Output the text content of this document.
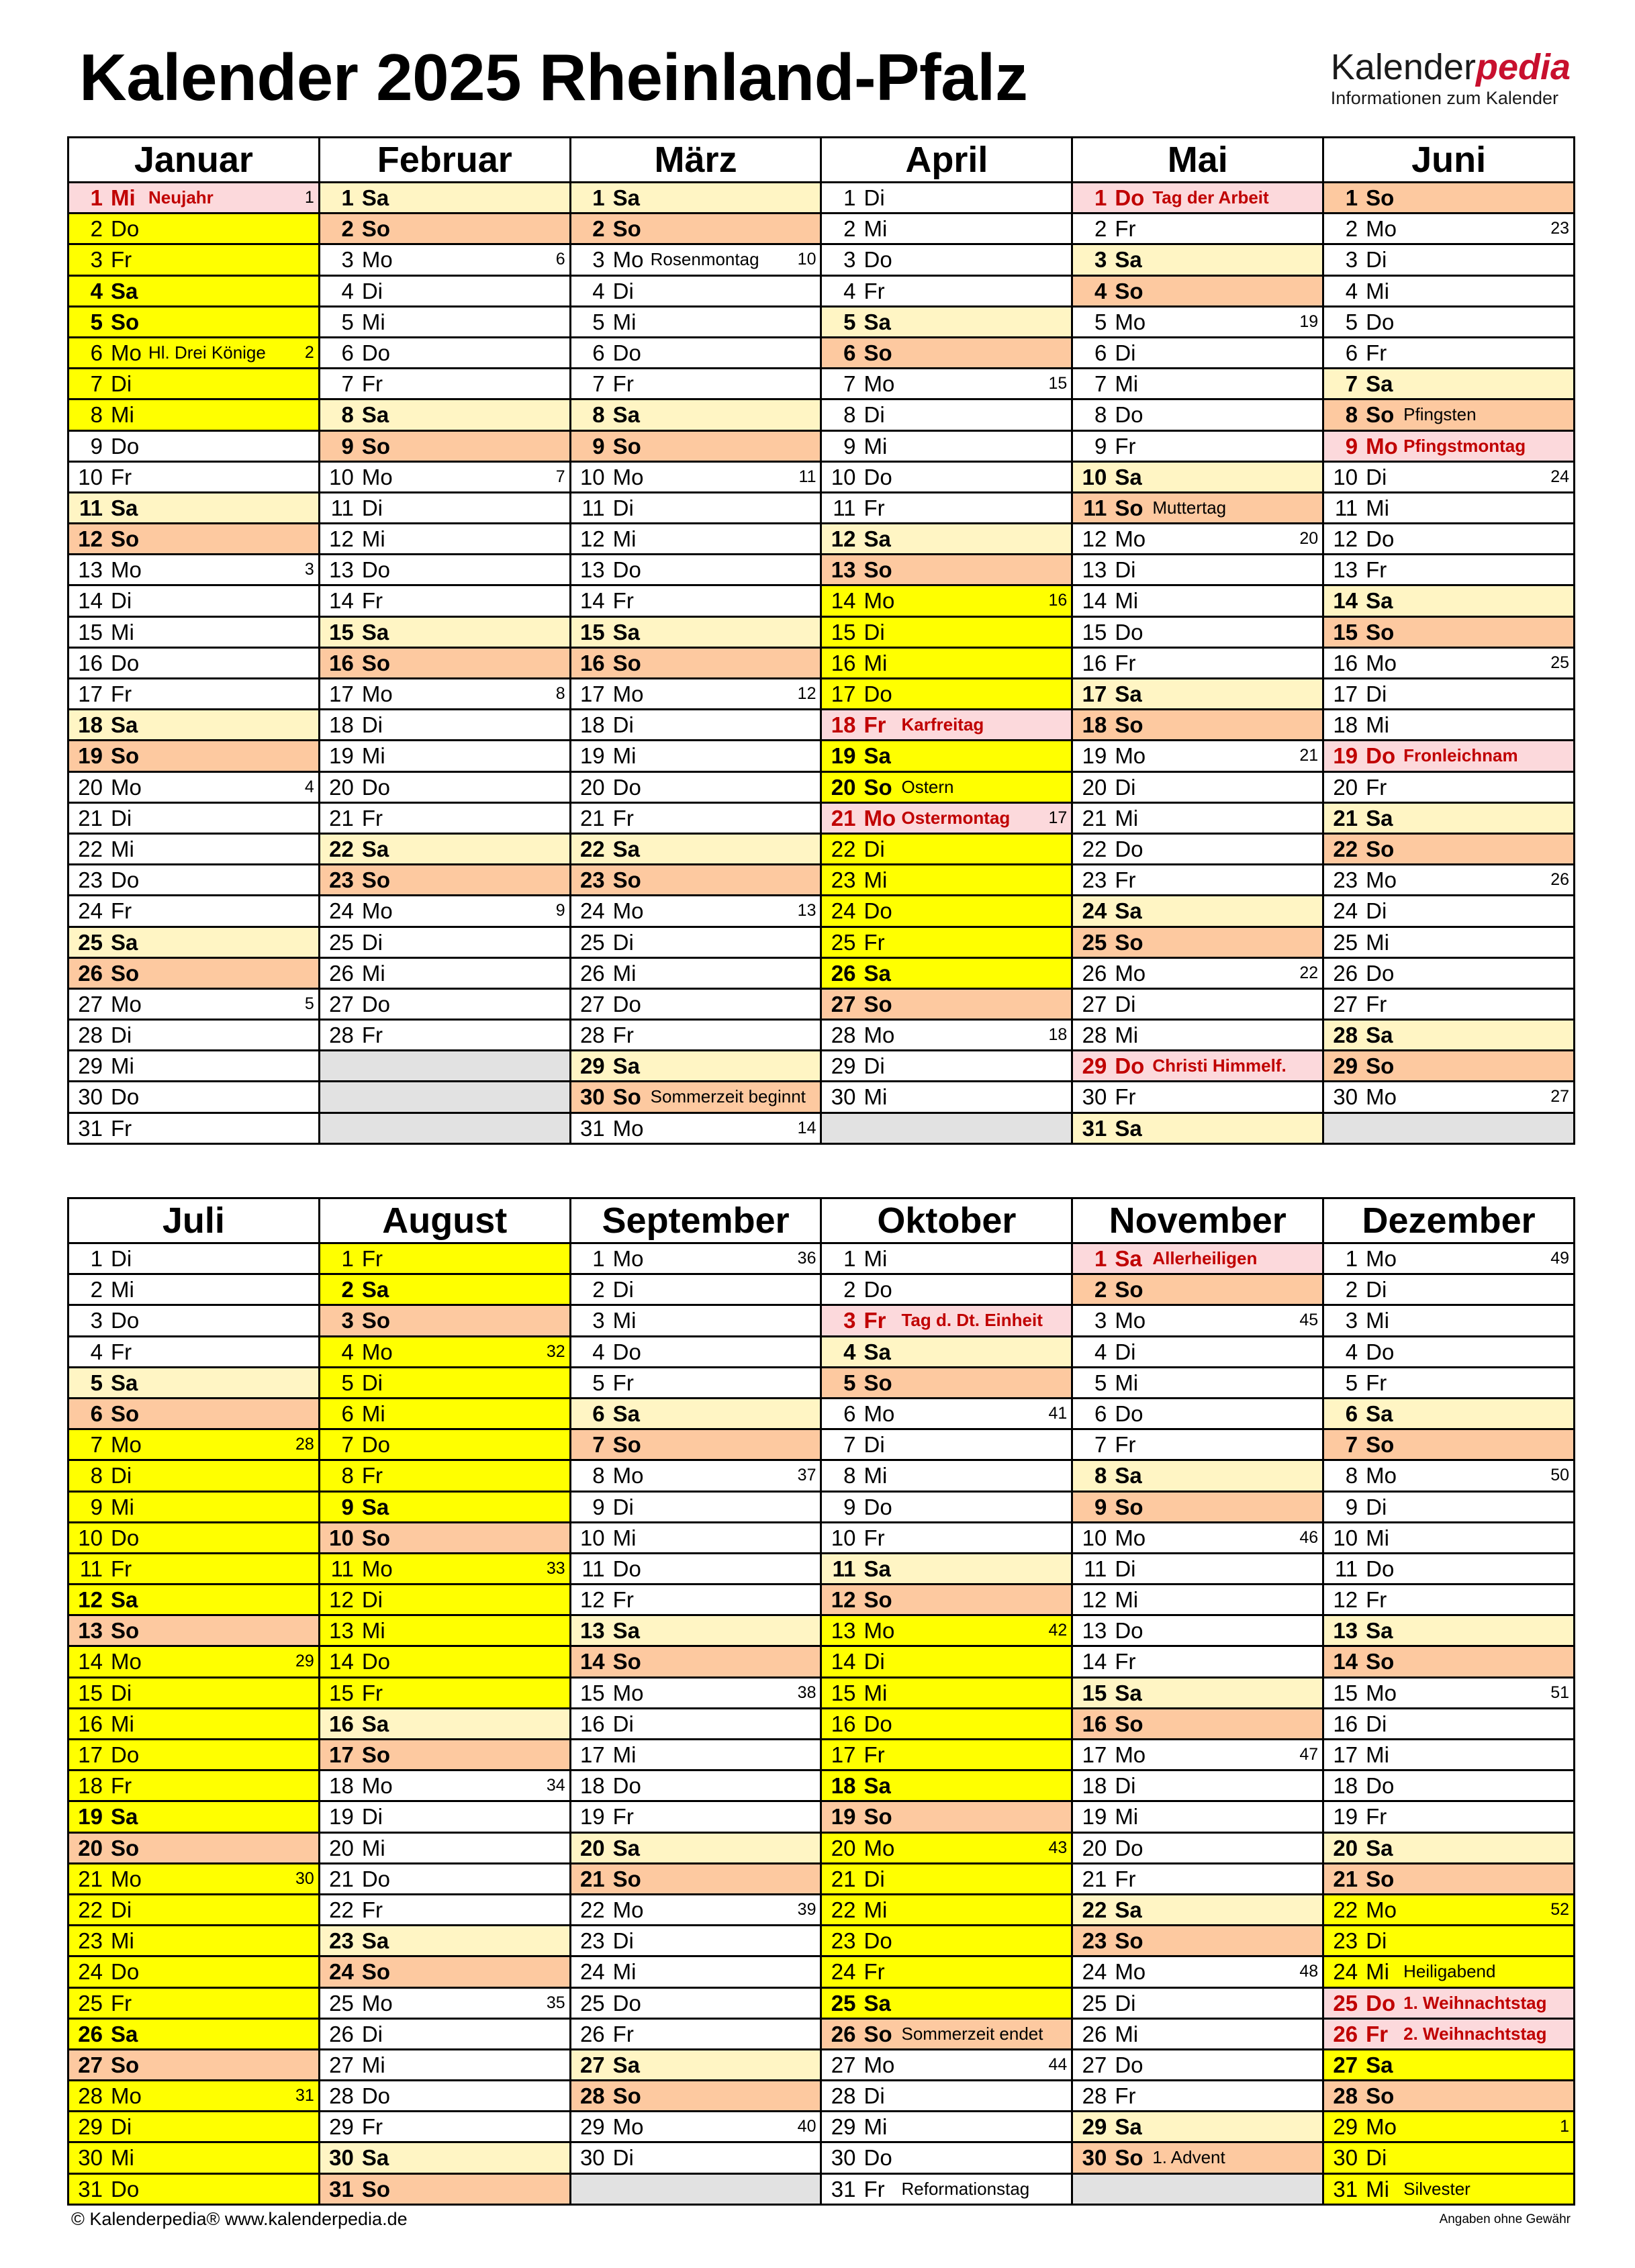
Kalender 2025 Rheinland-Pfalz	Kalenderpedia
Informationen zum Kalender
Januar	Februar	März	April	Mai	Juni

1 Mi Neujahr 1	1 Sa	1 Sa	1 Di	1 Do Tag der Arbeit	1 So

2 Do	2 So	2 So	2 Mi	2 Fr	2 Mo 23

3 Fr	3 Mo 6	3 Mo Rosenmontag 10	3 Do	3 Sa	3 Di

4 Sa	4 Di	4 Di	4 Fr	4 So	4 Mi

5 So	5 Mi	5 Mi	5 Sa	5 Mo 19	5 Do

6 Mo Hl. Drei Könige 2	6 Do	6 Do	6 So	6 Di	6 Fr

7 Di	7 Fr	7 Fr	7 Mo 15	7 Mi	7 Sa

8 Mi	8 Sa	8 Sa	8 Di	8 Do	8 So Pfingsten

9 Do	9 So	9 So	9 Mi	9 Fr	9 Mo Pfingstmontag

10 Fr	10 Mo 7	10 Mo 11	10 Do	10 Sa	10 Di 24

11 Sa	11 Di	11 Di	11 Fr	11 So Muttertag	11 Mi

12 So	12 Mi	12 Mi	12 Sa	12 Mo 20	12 Do

13 Mo 3	13 Do	13 Do	13 So	13 Di	13 Fr

14 Di	14 Fr	14 Fr	14 Mo 16	14 Mi	14 Sa

15 Mi	15 Sa	15 Sa	15 Di	15 Do	15 So

16 Do	16 So	16 So	16 Mi	16 Fr	16 Mo 25

17 Fr	17 Mo 8	17 Mo 12	17 Do	17 Sa	17 Di

18 Sa	18 Di	18 Di	18 Fr Karfreitag	18 So	18 Mi

19 So	19 Mi	19 Mi	19 Sa	19 Mo 21	19 Do Fronleichnam

20 Mo 4	20 Do	20 Do	20 So Ostern	20 Di	20 Fr

21 Di	21 Fr	21 Fr	21 Mo Ostermontag 17	21 Mi	21 Sa

22 Mi	22 Sa	22 Sa	22 Di	22 Do	22 So

23 Do	23 So	23 So	23 Mi	23 Fr	23 Mo 26

24 Fr	24 Mo 9	24 Mo 13	24 Do	24 Sa	24 Di

25 Sa	25 Di	25 Di	25 Fr	25 So	25 Mi

26 So	26 Mi	26 Mi	26 Sa	26 Mo 22	26 Do

27 Mo 5	27 Do	27 Do	27 So	27 Di	27 Fr

28 Di	28 Fr	28 Fr	28 Mo 18	28 Mi	28 Sa

29 Mi		29 Sa	29 Di	29 Do Christi Himmelf.	29 So

30 Do		30 So Sommerzeit beginnt	30 Mi	30 Fr	30 Mo 27

31 Fr		31 Mo 14		31 Sa	

Juli	August	September	Oktober	November	Dezember

1 Di	1 Fr	1 Mo 36	1 Mi	1 Sa Allerheiligen	1 Mo 49

2 Mi	2 Sa	2 Di	2 Do	2 So	2 Di

3 Do	3 So	3 Mi	3 Fr Tag d. Dt. Einheit	3 Mo 45	3 Mi

4 Fr	4 Mo 32	4 Do	4 Sa	4 Di	4 Do

5 Sa	5 Di	5 Fr	5 So	5 Mi	5 Fr

6 So	6 Mi	6 Sa	6 Mo 41	6 Do	6 Sa

7 Mo 28	7 Do	7 So	7 Di	7 Fr	7 So

8 Di	8 Fr	8 Mo 37	8 Mi	8 Sa	8 Mo 50

9 Mi	9 Sa	9 Di	9 Do	9 So	9 Di

10 Do	10 So	10 Mi	10 Fr	10 Mo 46	10 Mi

11 Fr	11 Mo 33	11 Do	11 Sa	11 Di	11 Do

12 Sa	12 Di	12 Fr	12 So	12 Mi	12 Fr

13 So	13 Mi	13 Sa	13 Mo 42	13 Do	13 Sa

14 Mo 29	14 Do	14 So	14 Di	14 Fr	14 So

15 Di	15 Fr	15 Mo 38	15 Mi	15 Sa	15 Mo 51

16 Mi	16 Sa	16 Di	16 Do	16 So	16 Di

17 Do	17 So	17 Mi	17 Fr	17 Mo 47	17 Mi

18 Fr	18 Mo 34	18 Do	18 Sa	18 Di	18 Do

19 Sa	19 Di	19 Fr	19 So	19 Mi	19 Fr

20 So	20 Mi	20 Sa	20 Mo 43	20 Do	20 Sa

21 Mo 30	21 Do	21 So	21 Di	21 Fr	21 So

22 Di	22 Fr	22 Mo 39	22 Mi	22 Sa	22 Mo 52

23 Mi	23 Sa	23 Di	23 Do	23 So	23 Di

24 Do	24 So	24 Mi	24 Fr	24 Mo 48	24 Mi Heiligabend

25 Fr	25 Mo 35	25 Do	25 Sa	25 Di	25 Do 1. Weihnachtstag

26 Sa	26 Di	26 Fr	26 So Sommerzeit endet	26 Mi	26 Fr 2. Weihnachtstag

27 So	27 Mi	27 Sa	27 Mo 44	27 Do	27 Sa

28 Mo 31	28 Do	28 So	28 Di	28 Fr	28 So

29 Di	29 Fr	29 Mo 40	29 Mi	29 Sa	29 Mo 1

30 Mi	30 Sa	30 Di	30 Do	30 So 1. Advent	30 Di

31 Do	31 So		31 Fr Reformationstag		31 Mi Silvester
© Kalenderpedia® www.kalenderpedia.de	Angaben ohne Gewähr
